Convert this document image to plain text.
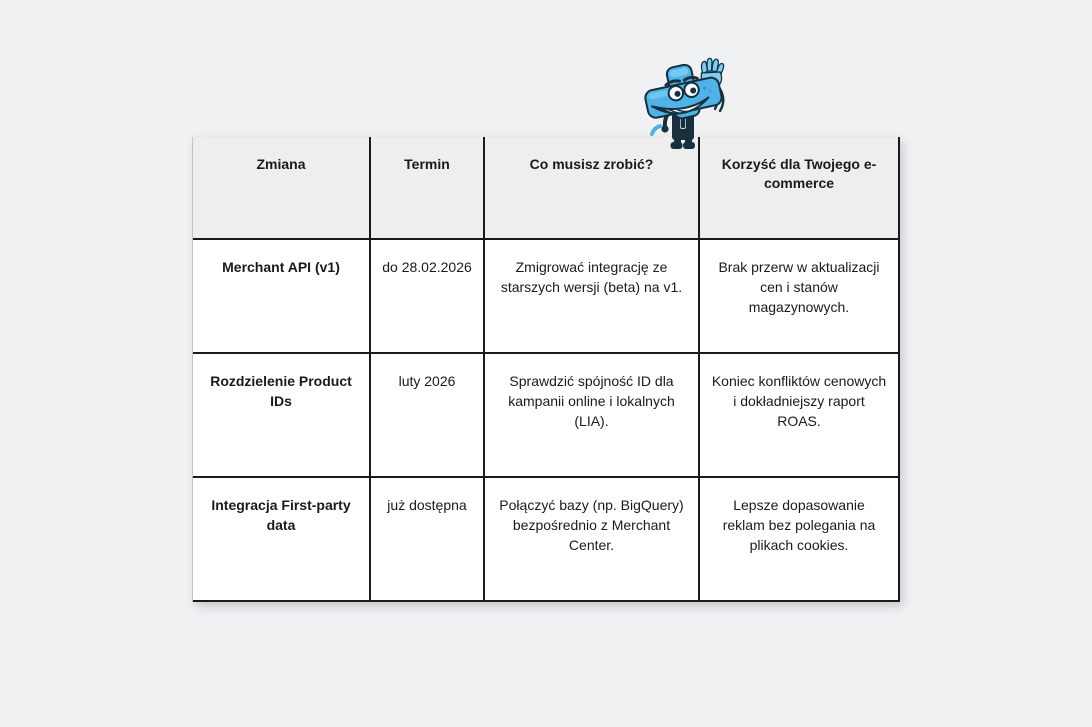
Zmiana	Termin	Co musisz zrobić?	Korzyść dla Twojego e-commerce
Merchant API (v1)	do 28.02.2026	Zmigrować integrację ze starszych wersji (beta) na v1.	Brak przerw w aktualizacji cen i stanów magazynowych.
Rozdzielenie Product IDs	luty 2026	Sprawdzić spójność ID dla kampanii online i lokalnych (LIA).	Koniec konfliktów cenowych i dokładniejszy raport ROAS.
Integracja First-party data	już dostępna	Połączyć bazy (np. BigQuery) bezpośrednio z Merchant Center.	Lepsze dopasowanie reklam bez polegania na plikach cookies.
